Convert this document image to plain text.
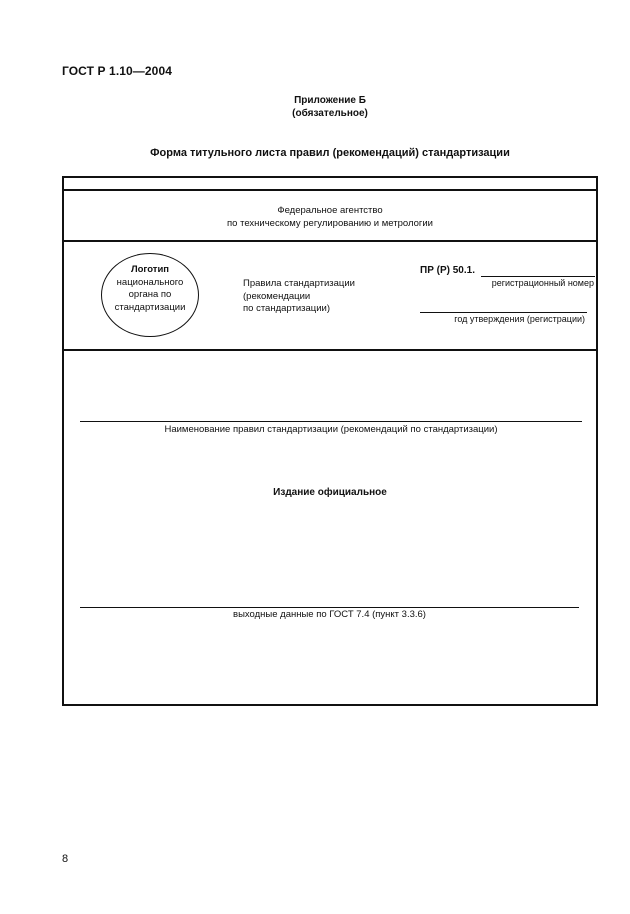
ГОСТ Р 1.10—2004
Приложение Б
(обязательное)
Форма титульного листа правил (рекомендаций) стандартизации
Федеральное агентство
по техническому регулированию и метрологии
Логотип
национального
органа по
стандартизации
Правила стандартизации
(рекомендации
по стандартизации)
ПР (Р) 50.1.
регистрационный номер
год утверждения (регистрации)
Наименование правил стандартизации (рекомендаций по стандартизации)
Издание официальное
выходные данные по ГОСТ 7.4 (пункт 3.3.6)
8
